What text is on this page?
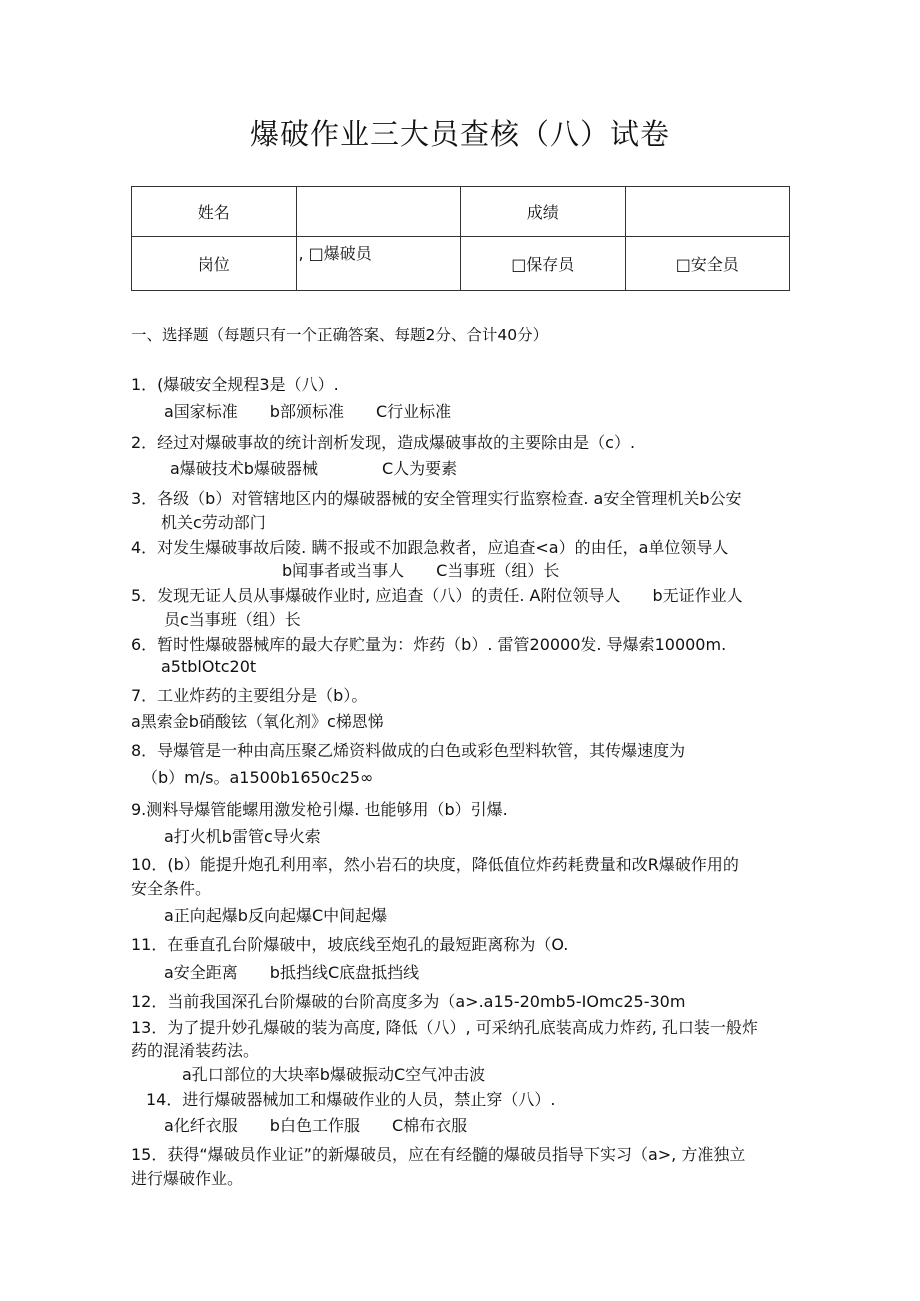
爆破作业三大员查核（八）试卷
姓名		成绩	
岗位	, □爆破员	□保存员	□安全员

一、选择题（每题只有一个正确答案、每题2分、合计40分）

1．(爆破安全规程3是（八）.

a国家标准　　b部颁标准　　C行业标准

2．经过对爆破事故的统计剖析发现，造成爆破事故的主要除由是（c）.

a爆破技术b爆破器械　　　　C人为要素

3．各级（b）对管辖地区内的爆破器械的安全管理实行监察检查. a安全管理机关b公安

机关c劳动部门

4．对发生爆破事故后陵. 瞒不报或不加跟急救者，应追查<a）的由任，a单位领导人

b闻事者或当事人　　C当事班（组）长

5．发现无证人员从事爆破作业时, 应追查（八）的责任. A附位领导人　　b无证作业人

员c当事班（组）长

6．暂时性爆破器械库的最大存贮量为：炸药（b）. 雷管20000发. 导爆索10000m.

a5tblOtc20t

7．工业炸药的主要组分是（b）。

a黑索金b硝酸铉（氧化剂》c梯恩悌

8．导爆管是一种由高压聚乙烯资料做成的白色或彩色型料软管，其传爆速度为

（b）m/s。a1500b1650c25∞

9.测料导爆管能螺用激发枪引爆. 也能够用（b）引爆.

a打火机b雷管c导火索

10．(b）能提升炮孔利用率，然小岩石的块度，降低值位炸药耗费量和改R爆破作用的

安全条件。

a正向起爆b反向起爆C中间起爆

11．在垂直孔台阶爆破中，坡底线至炮孔的最短距离称为（O.

a安全距离　　b抵挡线C底盘抵挡线

12．当前我国深孔台阶爆破的台阶高度多为（a>.a15-20mb5-IOmc25-30m

13．为了提升妙孔爆破的装为高度, 降低（八）, 可采纳孔底装高成力炸药, 孔口装一般炸

药的混淆装药法。

a孔口部位的大块率b爆破振动C空气冲击波

14．进行爆破器械加工和爆破作业的人员，禁止穿（八）.

a化纤衣服　　b白色工作服　　C棉布衣服

15．获得“爆破员作业证”的新爆破员，应在有经髓的爆破员指导下实习（a>, 方准独立

进行爆破作业。
